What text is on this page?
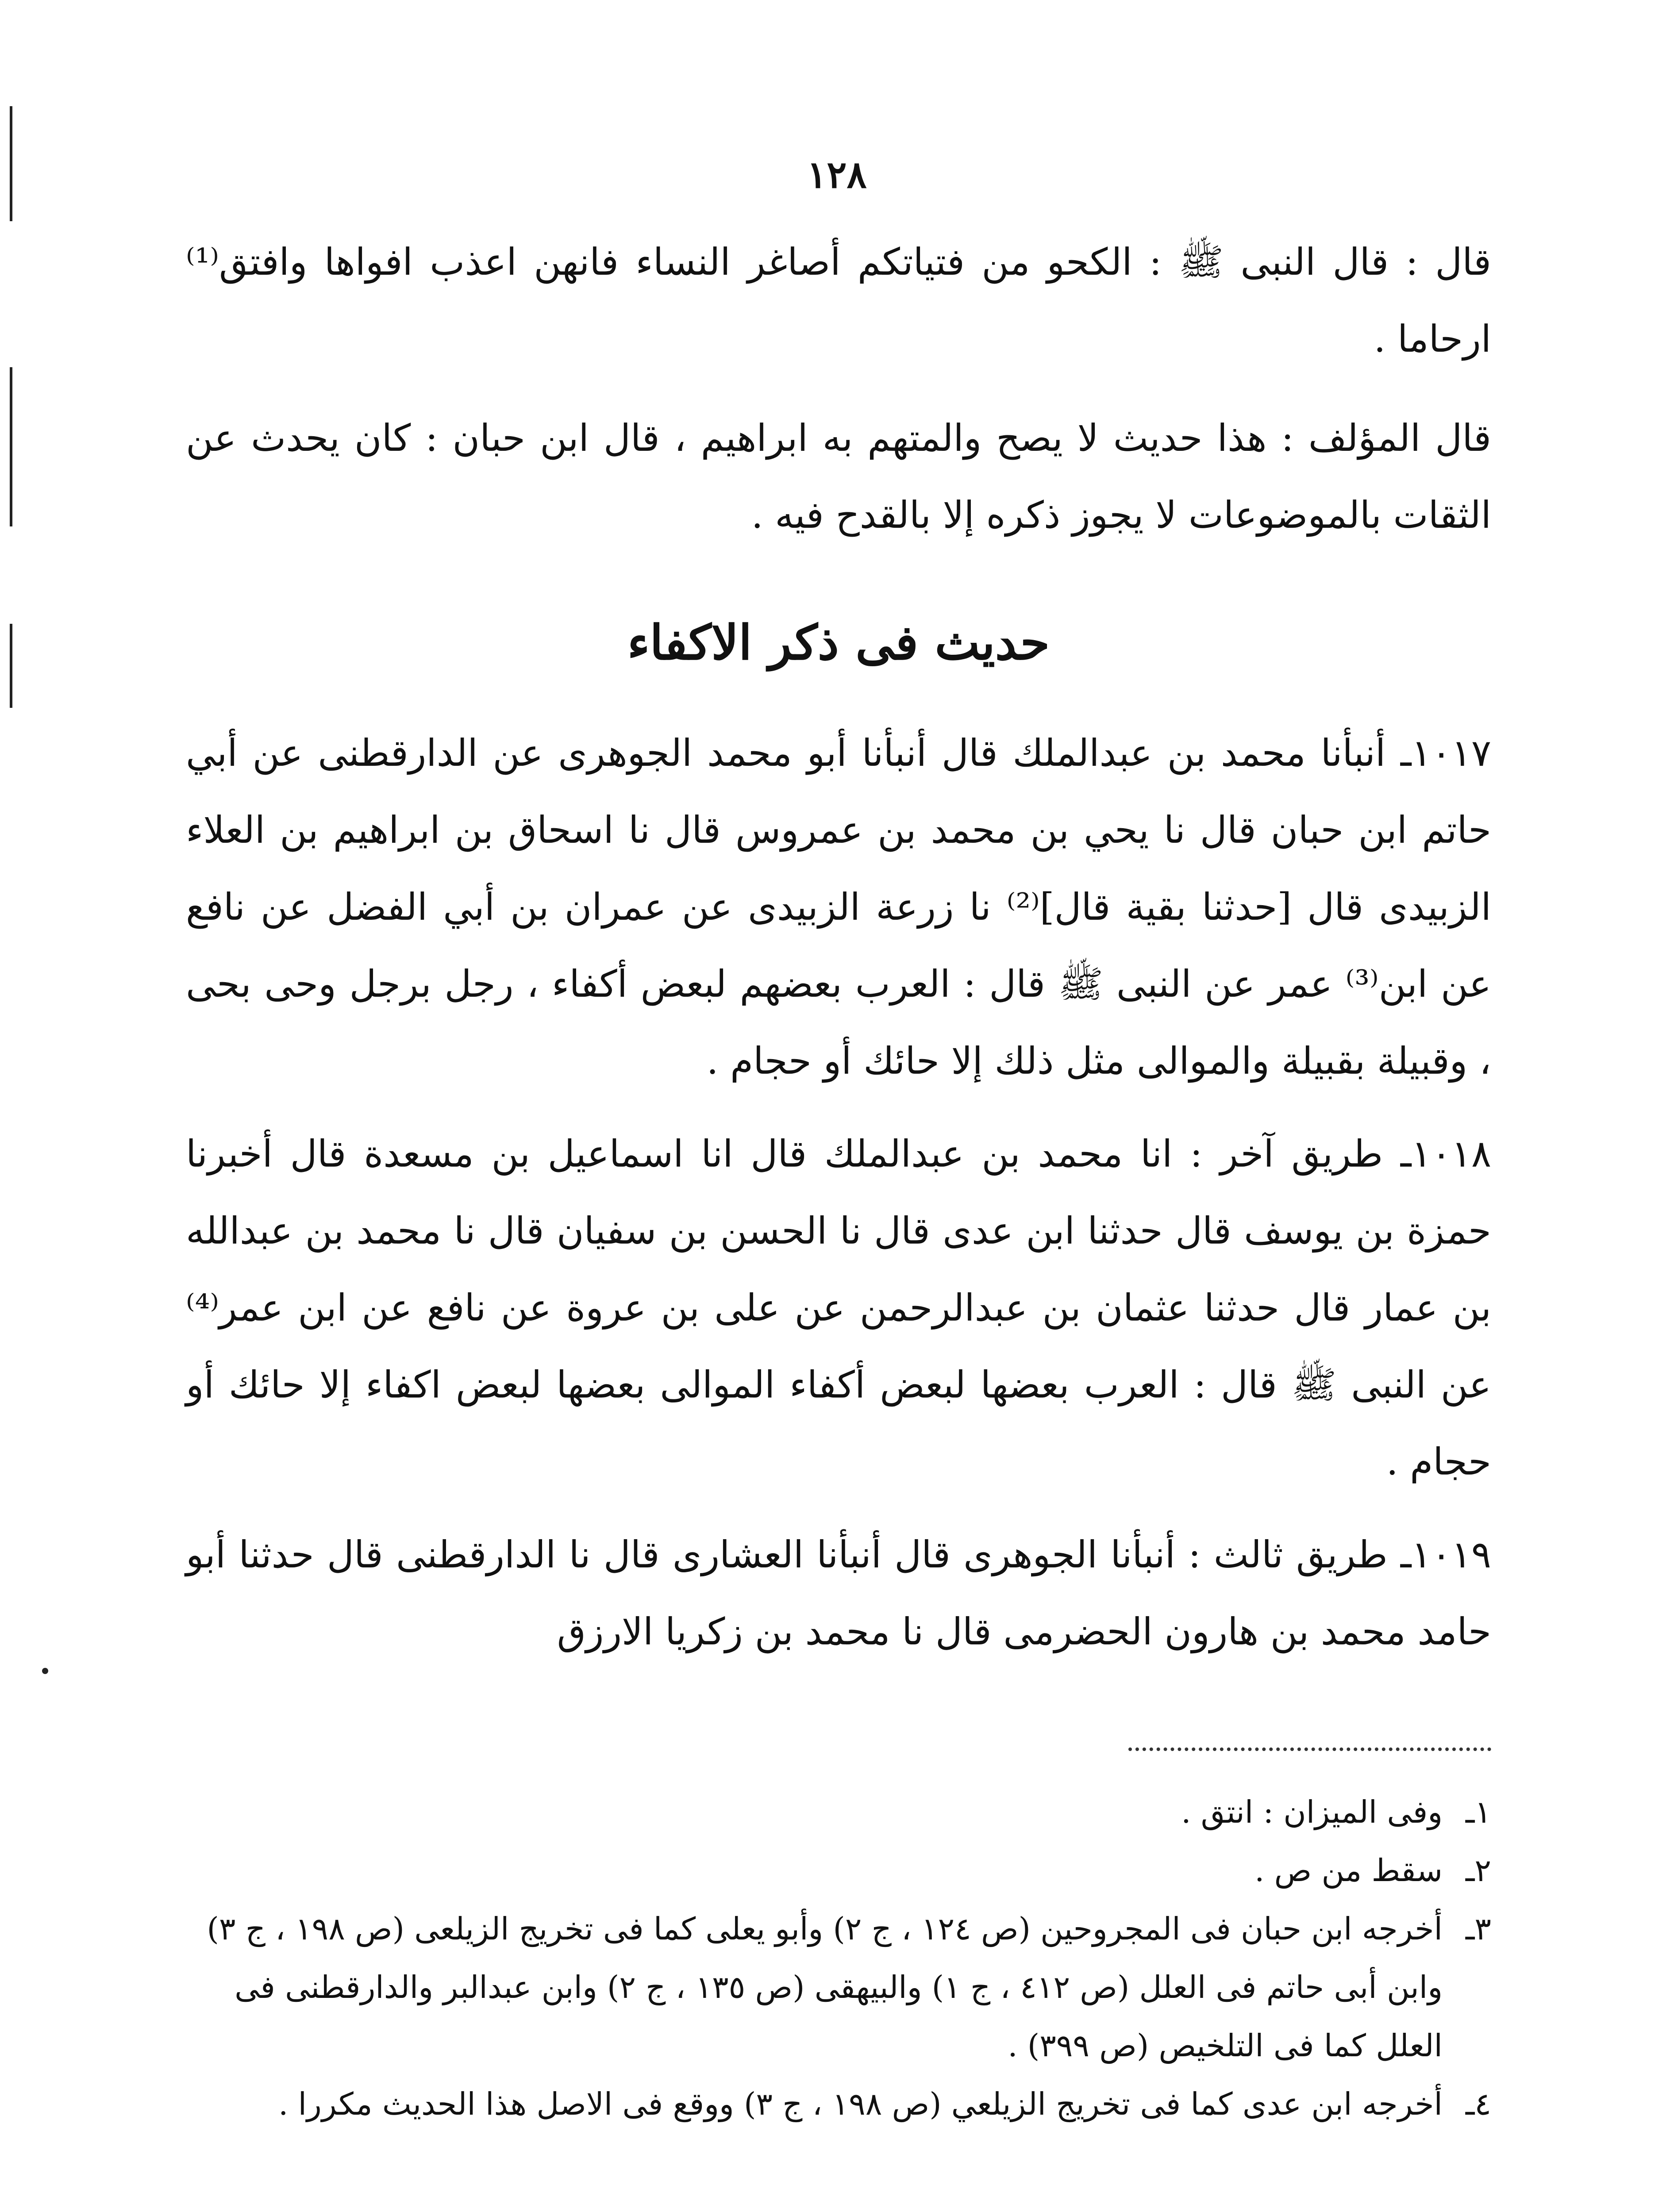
١٢٨

قال : قال النبى ﷺ : الكحو من فتياتكم أصاغر النساء فانهن اعذب افواها وافتق⁽¹⁾ ارحاما .

قال المؤلف : هذا حديث لا يصح والمتهم به ابراهيم ، قال ابن حبان : كان يحدث عن الثقات بالموضوعات لا يجوز ذكره إلا بالقدح فيه .

حديث فى ذكر الاكفاء

١٠١٧ـ أنبأنا محمد بن عبدالملك قال أنبأنا أبو محمد الجوهرى عن الدارقطنى عن أبي حاتم ابن حبان قال نا يحي بن محمد بن عمروس قال نا اسحاق بن ابراهيم بن العلاء الزبيدى قال [حدثنا بقية قال]⁽²⁾ نا زرعة الزبيدى عن عمران بن أبي الفضل عن نافع عن ابن⁽³⁾ عمر عن النبى ﷺ قال : العرب بعضهم لبعض أكفاء ، رجل برجل وحى بحى ، وقبيلة بقبيلة والموالى مثل ذلك إلا حائك أو حجام .

١٠١٨ـ طريق آخر : انا محمد بن عبدالملك قال انا اسماعيل بن مسعدة قال أخبرنا حمزة بن يوسف قال حدثنا ابن عدى قال نا الحسن بن سفيان قال نا محمد بن عبدالله بن عمار قال حدثنا عثمان بن عبدالرحمن عن على بن عروة عن نافع عن ابن عمر⁽⁴⁾ عن النبى ﷺ قال : العرب بعضها لبعض أكفاء الموالى بعضها لبعض اكفاء إلا حائك أو حجام .

١٠١٩ـ طريق ثالث : أنبأنا الجوهرى قال أنبأنا العشارى قال نا الدارقطنى قال حدثنا أبو حامد محمد بن هارون الحضرمى قال نا محمد بن زكريا الارزق

١ـ
وفى الميزان : انتق .
٢ـ
سقط من ص .
٣ـ
أخرجه ابن حبان فى المجروحين (ص ١٢٤ ، ج ٢) وأبو يعلى كما فى تخريج الزيلعى (ص ١٩٨ ، ج ٣) وابن أبى حاتم فى العلل (ص ٤١٢ ، ج ١) والبيهقى (ص ١٣٥ ، ج ٢) وابن عبدالبر والدارقطنى فى العلل كما فى التلخيص (ص ٣٩٩) .
٤ـ
أخرجه ابن عدى كما فى تخريج الزيلعي (ص ١٩٨ ، ج ٣) ووقع فى الاصل هذا الحديث مكررا .
